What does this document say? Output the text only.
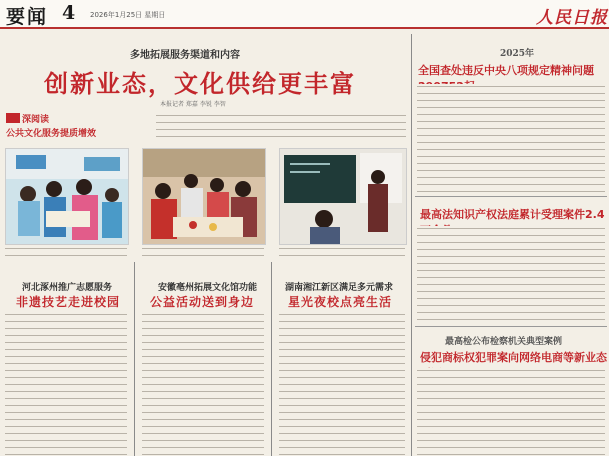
要闻 4 2026年1月25日 星期日	人民日报
多地拓展服务渠道和内容
创新业态，文化供给更丰富
本报记者 郑嘉 李锐 李智
深阅读
公共文化服务提质增效
河北涿州推广志愿服务
非遗技艺走进校园
安徽亳州拓展文化馆功能
公益活动送到身边
湖南湘江新区满足多元需求
星光夜校点亮生活
2025年
全国查处违反中央八项规定精神问题
最高法知识产权法庭累计受理案件2.4
最高检公布检察机关典型案例
侵犯商标权犯罪案向网络电商等新业态
